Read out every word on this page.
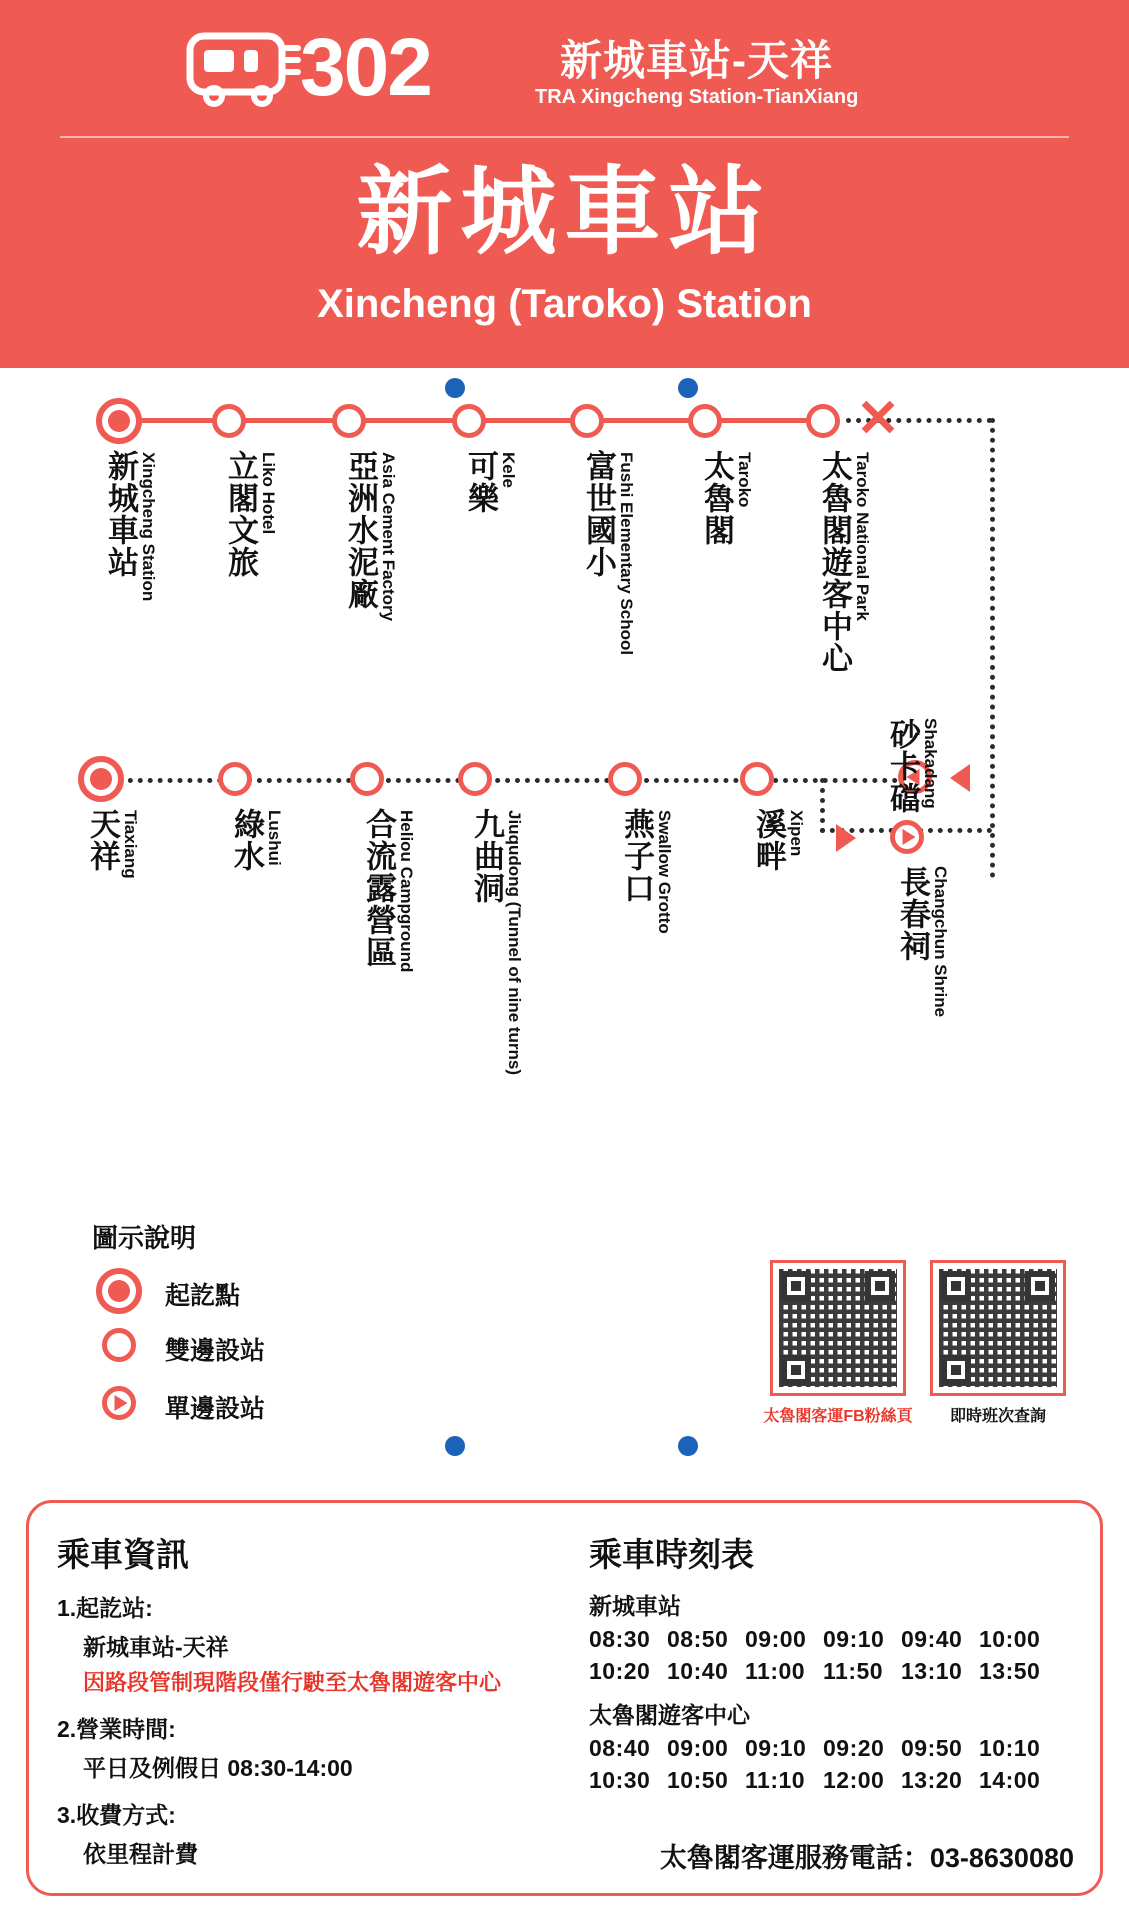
302	新城車站-天祥
TRA Xingcheng Station-TianXiang
新城車站
Xincheng (Taroko) Station
✕
新城車站 Xingcheng Station 立閣文旅 Liko Hotel 亞洲水泥廠 Asia Cement Factory 可樂 Kele 富世國小 Fushi Elementary School 太魯閣 Taroko 太魯閣遊客中心 Taroko National Park
砂卡礑 Shakadang
天祥 Tiaxiang	綠水 Lushui 合流露營區 Heliou Campground 九曲洞 Jiuqudong (Tunnel of nine turns)	燕子口 Swallow Grotto 溪畔 Xipen
長春祠 Changchun Shrine
圖示說明
起訖點
雙邊設站
單邊設站	太魯閣客運FB粉絲頁	即時班次查詢
乘車資訊
1.起訖站:
新城車站-天祥
因路段管制現階段僅行駛至太魯閣遊客中心
2.營業時間:
平日及例假日 08:30-14:00
3.收費方式:
依里程計費
乘車時刻表
新城車站
08:30 08:50 09:00 09:10 09:40 10:00
10:20 10:40 11:00 11:50 13:10 13:50
太魯閣遊客中心
08:40 09:00 09:10 09:20 09:50 10:10
10:30 10:50 11:10 12:00 13:20 14:00
太魯閣客運服務電話：03-8630080
